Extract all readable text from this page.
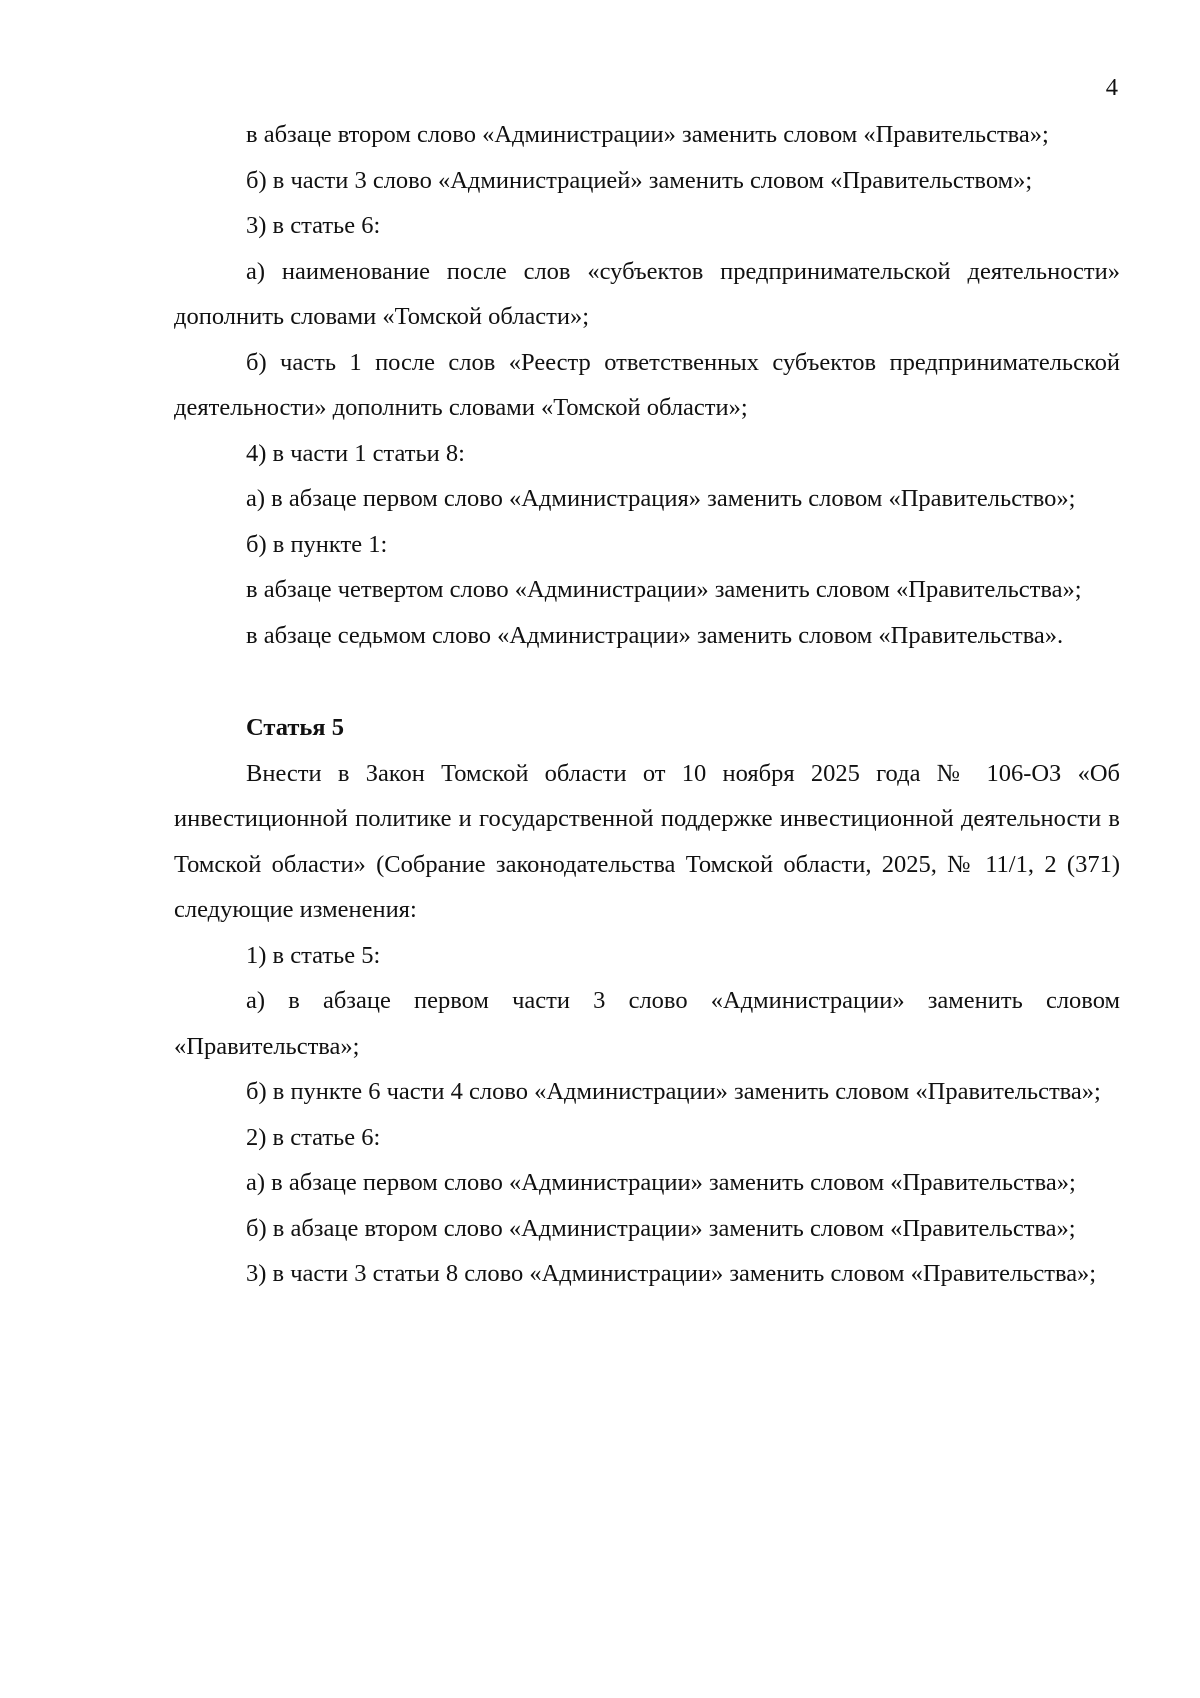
4

в абзаце втором слово «Администрации» заменить словом «Правительства»;

б) в части 3 слово «Администрацией» заменить словом «Правительством»;

3) в статье 6:

а) наименование после слов «субъектов предпринимательской деятельности» дополнить словами «Томской области»;

б) часть 1 после слов «Реестр ответственных субъектов предпринимательской деятельности» дополнить словами «Томской области»;

4) в части 1 статьи 8:

а) в абзаце первом слово «Администрация» заменить словом «Правительство»;

б) в пункте 1:

в абзаце четвертом слово «Администрации» заменить словом «Правительства»;

в абзаце седьмом слово «Администрации» заменить словом «Правительства».

Статья 5

Внести в Закон Томской области от 10 ноября 2025 года № 106-ОЗ «Об инвестиционной политике и государственной поддержке инвестиционной деятельности в Томской области» (Собрание законодательства Томской области, 2025, № 11/1, 2 (371) следующие изменения:

1) в статье 5:

а) в абзаце первом части 3 слово «Администрации» заменить словом «Правительства»;

б) в пункте 6 части 4 слово «Администрации» заменить словом «Правительства»;

2) в статье 6:

а) в абзаце первом слово «Администрации» заменить словом «Правительства»;

б) в абзаце втором слово «Администрации» заменить словом «Правительства»;

3) в части 3 статьи 8 слово «Администрации» заменить словом «Правительства»;
